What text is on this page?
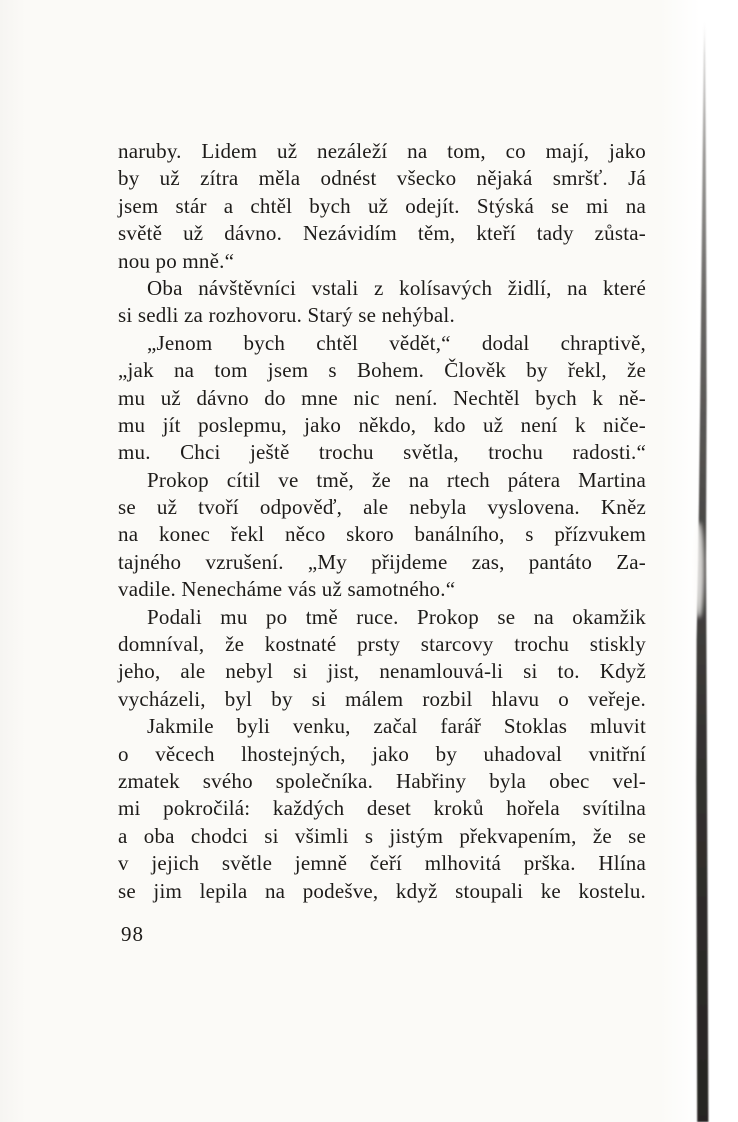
naruby. Lidem už nezáleží na tom, co mají, jako
by už zítra měla odnést všecko nějaká smršť. Já
jsem stár a chtěl bych už odejít. Stýská se mi na
světě už dávno. Nezávidím těm, kteří tady zůsta-
nou po mně.“
Oba návštěvníci vstali z kolísavých židlí, na které
si sedli za rozhovoru. Starý se nehýbal.
„Jenom bych chtěl vědět,“ dodal chraptivě,
„jak na tom jsem s Bohem. Člověk by řekl, že
mu už dávno do mne nic není. Nechtěl bych k ně-
mu jít poslepmu, jako někdo, kdo už není k niče-
mu. Chci ještě trochu světla, trochu radosti.“
Prokop cítil ve tmě, že na rtech pátera Martina
se už tvoří odpověď, ale nebyla vyslovena. Kněz
na konec řekl něco skoro banálního, s přízvukem
tajného vzrušení. „My přijdeme zas, pantáto Za-
vadile. Nenecháme vás už samotného.“
Podali mu po tmě ruce. Prokop se na okamžik
domníval, že kostnaté prsty starcovy trochu stiskly
jeho, ale nebyl si jist, nenamlouvá-li si to. Když
vycházeli, byl by si málem rozbil hlavu o veřeje.
Jakmile byli venku, začal farář Stoklas mluvit
o věcech lhostejných, jako by uhadoval vnitřní
zmatek svého společníka. Habřiny byla obec vel-
mi pokročilá: každých deset kroků hořela svítilna
a oba chodci si všimli s jistým překvapením, že se
v jejich světle jemně čeří mlhovitá prška. Hlína
se jim lepila na podešve, když stoupali ke kostelu.
98
